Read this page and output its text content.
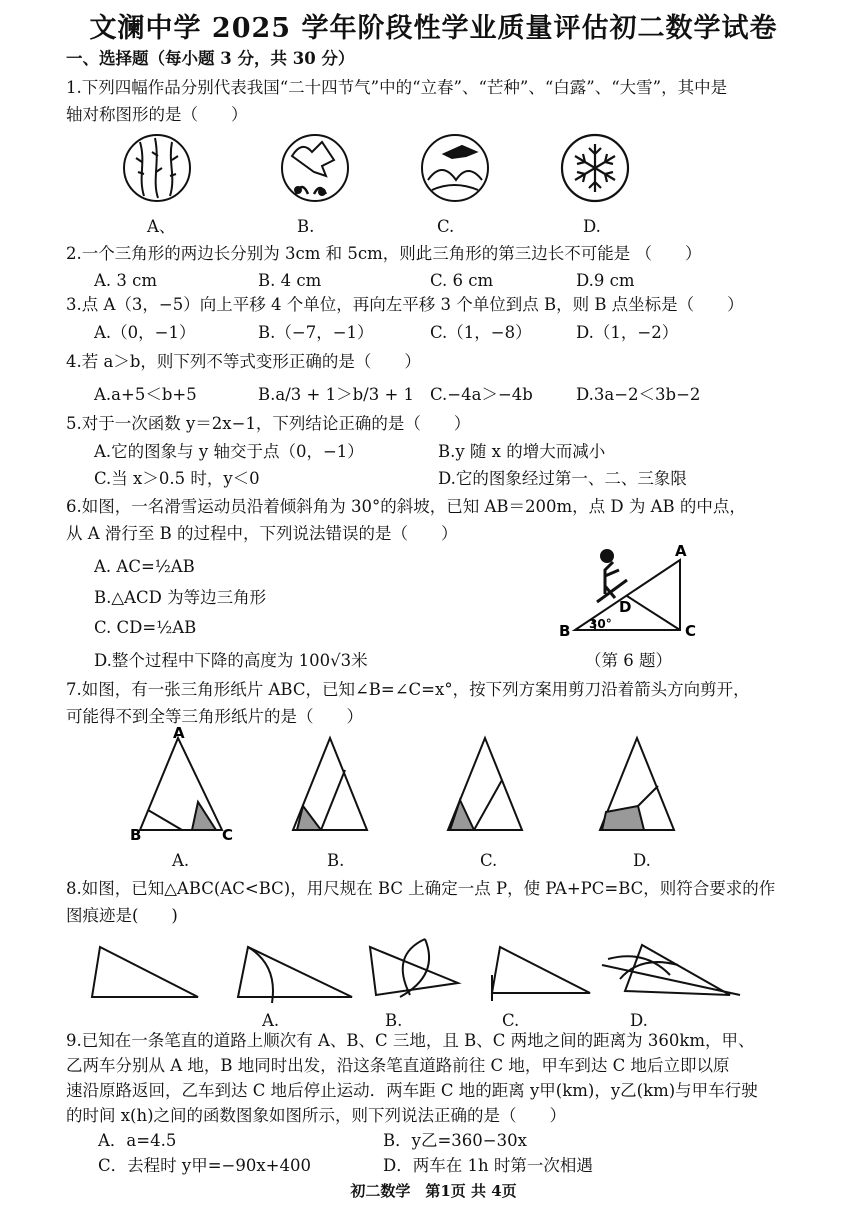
文澜中学 2025 学年阶段性学业质量评估初二数学试卷
一、选择题（每小题 3 分，共 30 分）
1.下列四幅作品分别代表我国“二十四节气”中的“立春”、“芒种”、“白露”、“大雪”，其中是
轴对称图形的是（　　）
A、	B.	C.	D.
2.一个三角形的两边长分别为 3cm 和 5cm，则此三角形的第三边长不可能是 （　　）
A. 3 cm	B. 4 cm	C. 6 cm	D.9 cm
3.点 A（3，−5）向上平移 4 个单位，再向左平移 3 个单位到点 B，则 B 点坐标是（　　）
A.（0，−1）	B.（−7，−1）	C.（1，−8）	D.（1，−2）
4.若 a＞b，则下列不等式变形正确的是（　　）
A.a+5＜b+5	B.a/3 + 1＞b/3 + 1 C.−4a＞−4b	D.3a−2＜3b−2
5.对于一次函数 y＝2x−1，下列结论正确的是（　　）
A.它的图象与 y 轴交于点（0，−1）	B.y 随 x 的增大而减小
C.当 x＞0.5 时，y＜0	D.它的图象经过第一、二、三象限
6.如图，一名滑雪运动员沿着倾斜角为 30°的斜坡，已知 AB＝200m，点 D 为 AB 的中点，
从 A 滑行至 B 的过程中，下列说法错误的是（　　）
A. AC=½AB
B.△ACD 为等边三角形
C. CD=½AB
D.整个过程中下降的高度为 100√3米
B	C
A
D
30°
（第 6 题）
7.如图，有一张三角形纸片 ABC，已知∠B=∠C=x°，按下列方案用剪刀沿着箭头方向剪开，
可能得不到全等三角形纸片的是（　　）
A
B	C
A.	B.	C.	D.
8.如图，已知△ABC(AC<BC)，用尺规在 BC 上确定一点 P，使 PA+PC=BC，则符合要求的作
图痕迹是(　　)
A.	B.	C.	D.
9.已知在一条笔直的道路上顺次有 A、B、C 三地，且 B、C 两地之间的距离为 360km，甲、
乙两车分别从 A 地，B 地同时出发，沿这条笔直道路前往 C 地，甲车到达 C 地后立即以原
速沿原路返回，乙车到达 C 地后停止运动．两车距 C 地的距离 y甲(km)，y乙(km)与甲车行驶
的时间 x(h)之间的函数图象如图所示，则下列说法正确的是（　　）
A．a=4.5	B．y乙=360−30x
C．去程时 y甲=−90x+400	D．两车在 1h 时第一次相遇
初二数学　第1页 共 4页
